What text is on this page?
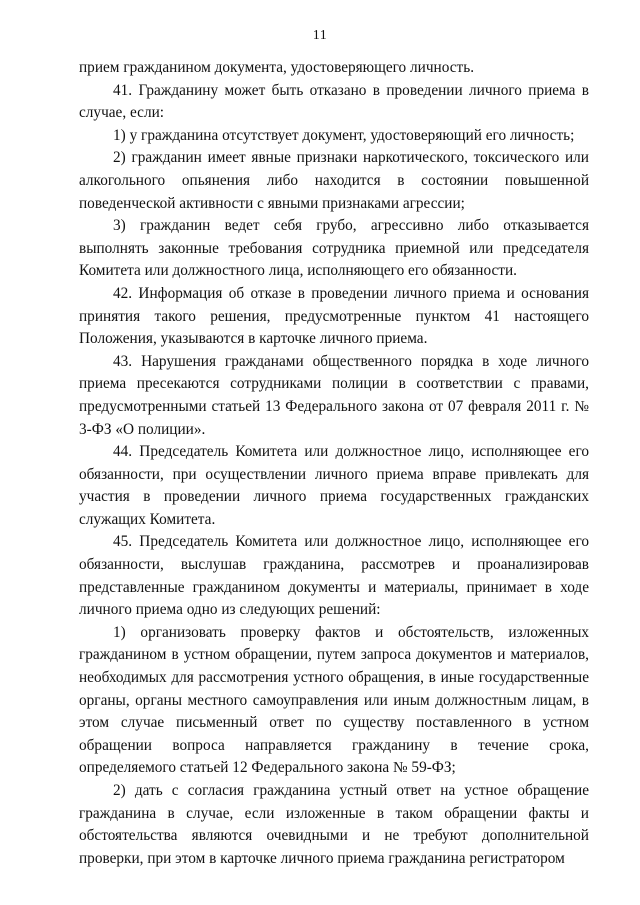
11

прием гражданином документа, удостоверяющего личность.

41. Гражданину может быть отказано в проведении личного приема в случае, если:

1) у гражданина отсутствует документ, удостоверяющий его личность;

2) гражданин имеет явные признаки наркотического, токсического или алкогольного опьянения либо находится в состоянии повышенной поведенческой активности с явными признаками агрессии;

3) гражданин ведет себя грубо, агрессивно либо отказывается выполнять законные требования сотрудника приемной или председателя Комитета или должностного лица, исполняющего его обязанности.

42. Информация об отказе в проведении личного приема и основания принятия такого решения, предусмотренные пунктом 41 настоящего Положения, указываются в карточке личного приема.

43. Нарушения гражданами общественного порядка в ходе личного приема пресекаются сотрудниками полиции в соответствии с правами, предусмотренными статьей 13 Федерального закона от 07 февраля 2011 г. № 3-ФЗ «О полиции».

44. Председатель Комитета или должностное лицо, исполняющее его обязанности, при осуществлении личного приема вправе привлекать для участия в проведении личного приема государственных гражданских служащих Комитета.

45. Председатель Комитета или должностное лицо, исполняющее его обязанности, выслушав гражданина, рассмотрев и проанализировав представленные гражданином документы и материалы, принимает в ходе личного приема одно из следующих решений:

1) организовать проверку фактов и обстоятельств, изложенных гражданином в устном обращении, путем запроса документов и материалов, необходимых для рассмотрения устного обращения, в иные государственные органы, органы местного самоуправления или иным должностным лицам, в этом случае письменный ответ по существу поставленного в устном обращении вопроса направляется гражданину в течение срока, определяемого статьей 12 Федерального закона № 59-ФЗ;

2) дать с согласия гражданина устный ответ на устное обращение гражданина в случае, если изложенные в таком обращении факты и обстоятельства являются очевидными и не требуют дополнительной проверки, при этом в карточке личного приема гражданина регистратором
